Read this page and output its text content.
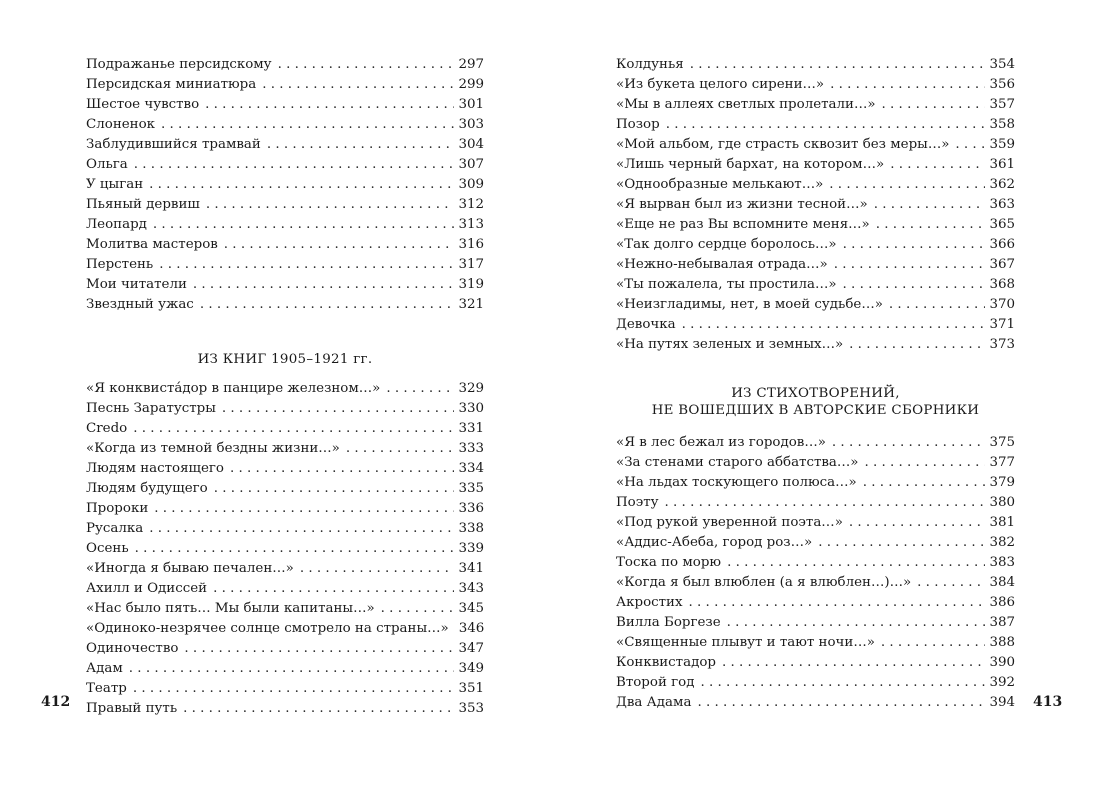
Подражанье персидскому . . .	297
Персидская миниатюра . . .	299
Шестое чувство . . .	301
Слоненок . . .	303
Заблудившийся трамвай . . .	304
Ольга . . .	307
У цыган . . .	309
Пьяный дервиш . . .	312
Леопард . . .	313
Молитва мастеров . . .	316
Перстень . . .	317
Мои читатели . . .	319
Звездный ужас . . .	321
ИЗ КНИГ 1905–1921 гг.
«Я конквиста́дор в панцире железном…» . . .	329
Песнь Заратустры . . .	330
Credo . . .	331
«Когда из темной бездны жизни…» . . .	333
Людям настоящего . . .	334
Людям будущего . . .	335
Пророки . . .	336
Русалка . . .	338
Осень . . .	339
«Иногда я бываю печален…» . . .	341
Ахилл и Одиссей . . .	343
«Нас было пять… Мы были капитаны…» . . .	345
«Одиноко-незрячее солнце смотрело на страны…» 346
Одиночество . . .	347
Адам . . .	349
Театр . . .	351
Правый путь . . .	353
412
Колдунья . . .	354
«Из букета целого сирени…» . . .	356
«Мы в аллеях светлых пролетали…» . . .	357
Позор . . .	358
«Мой альбом, где страсть сквозит без меры…» . . .	359
«Лишь черный бархат, на котором…» . . .	361
«Однообразные мелькают…» . . .	362
«Я вырван был из жизни тесной…» . . .	363
«Еще не раз Вы вспомните меня…» . . .	365
«Так долго сердце боролось…» . . .	366
«Нежно-небывалая отрада…» . . .	367
«Ты пожалела, ты простила…» . . .	368
«Неизгладимы, нет, в моей судьбе…» . . .	370
Девочка . . .	371
«На путях зеленых и земных…» . . .	373
ИЗ СТИХОТВОРЕНИЙ,
НЕ ВОШЕДШИХ В АВТОРСКИЕ СБОРНИКИ
«Я в лес бежал из городов…» . . .	375
«За стенами старого аббатства…» . . .	377
«На льдах тоскующего полюса…» . . .	379
Поэту . . .	380
«Под рукой уверенной поэта…» . . .	381
«Аддис-Абеба, город роз…» . . .	382
Тоска по морю . . .	383
«Когда я был влюблен (а я влюблен…)…» . . .	384
Акростих . . .	386
Вилла Боргезе . . .	387
«Священные плывут и тают ночи…» . . .	388
Конквистадор . . .	390
Второй год . . .	392
Два Адама . . .	394 413
